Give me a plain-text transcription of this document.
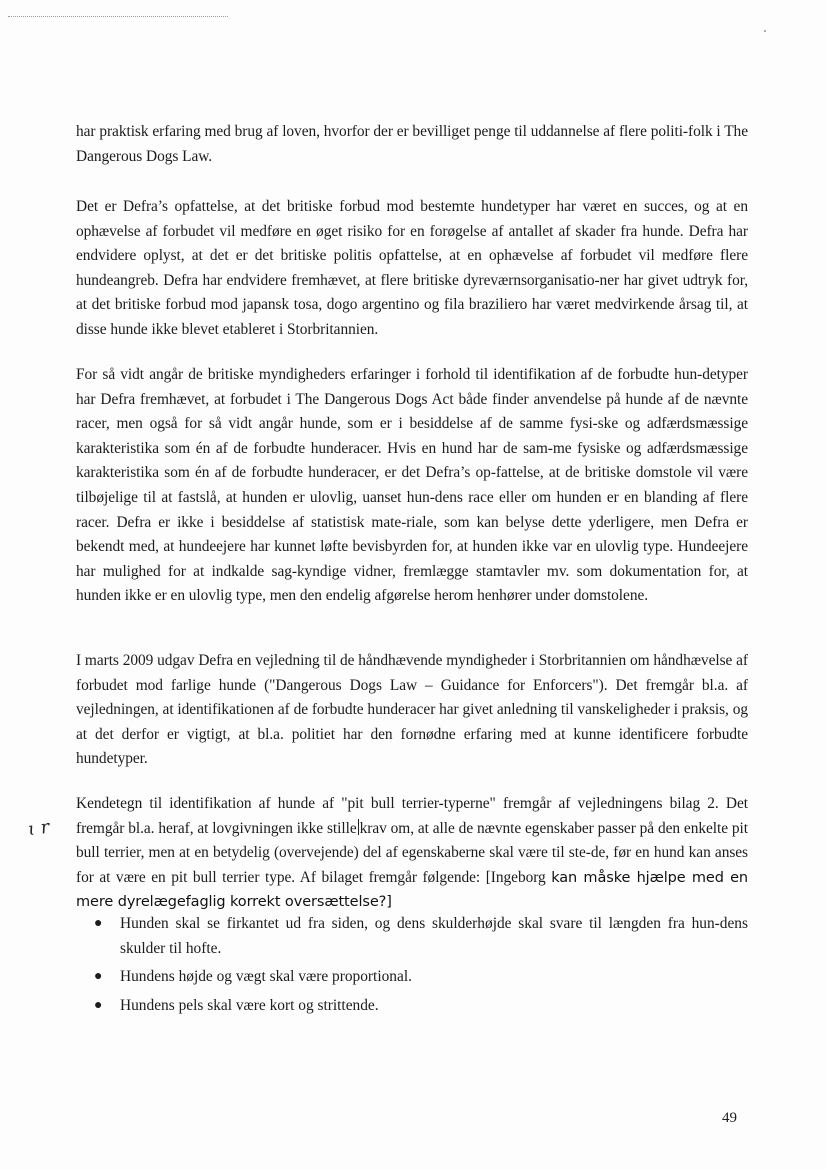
har praktisk erfaring med brug af loven, hvorfor der er bevilliget penge til uddannelse af flere politi-folk i The Dangerous Dogs Law.

Det er Defra’s opfattelse, at det britiske forbud mod bestemte hundetyper har været en succes, og at en ophævelse af forbudet vil medføre en øget risiko for en forøgelse af antallet af skader fra hunde. Defra har endvidere oplyst, at det er det britiske politis opfattelse, at en ophævelse af forbudet vil medføre flere hundeangreb. Defra har endvidere fremhævet, at flere britiske dyreværnsorganisatio-ner har givet udtryk for, at det britiske forbud mod japansk tosa, dogo argentino og fila braziliero har været medvirkende årsag til, at disse hunde ikke blevet etableret i Storbritannien.

For så vidt angår de britiske myndigheders erfaringer i forhold til identifikation af de forbudte hun-detyper har Defra fremhævet, at forbudet i The Dangerous Dogs Act både finder anvendelse på hunde af de nævnte racer, men også for så vidt angår hunde, som er i besiddelse af de samme fysi-ske og adfærdsmæssige karakteristika som én af de forbudte hunderacer. Hvis en hund har de sam-me fysiske og adfærdsmæssige karakteristika som én af de forbudte hunderacer, er det Defra’s op-fattelse, at de britiske domstole vil være tilbøjelige til at fastslå, at hunden er ulovlig, uanset hun-dens race eller om hunden er en blanding af flere racer. Defra er ikke i besiddelse af statistisk mate-riale, som kan belyse dette yderligere, men Defra er bekendt med, at hundeejere har kunnet løfte bevisbyrden for, at hunden ikke var en ulovlig type. Hundeejere har mulighed for at indkalde sag-kyndige vidner, fremlægge stamtavler mv. som dokumentation for, at hunden ikke er en ulovlig type, men den endelig afgørelse herom henhører under domstolene.

I marts 2009 udgav Defra en vejledning til de håndhævende myndigheder i Storbritannien om håndhævelse af forbudet mod farlige hunde ("Dangerous Dogs Law – Guidance for Enforcers"). Det fremgår bl.a. af vejledningen, at identifikationen af de forbudte hunderacer har givet anledning til vanskeligheder i praksis, og at det derfor er vigtigt, at bl.a. politiet har den fornødne erfaring med at kunne identificere forbudte hundetyper.

ɩ r

Kendetegn til identifikation af hunde af "pit bull terrier-typerne" fremgår af vejledningens bilag 2. Det fremgår bl.a. heraf, at lovgivningen ikke stille krav om, at alle de nævnte egenskaber passer på den enkelte pit bull terrier, men at en betydelig (overvejende) del af egenskaberne skal være til ste-de, før en hund kan anses for at være en pit bull terrier type. Af bilaget fremgår følgende: [Ingeborg kan måske hjælpe med en mere dyrelægefaglig korrekt oversættelse?]

● Hunden skal se firkantet ud fra siden, og dens skulderhøjde skal svare til længden fra hun-dens skulder til hofte.
● Hundens højde og vægt skal være proportional.
● Hundens pels skal være kort og strittende.
49
